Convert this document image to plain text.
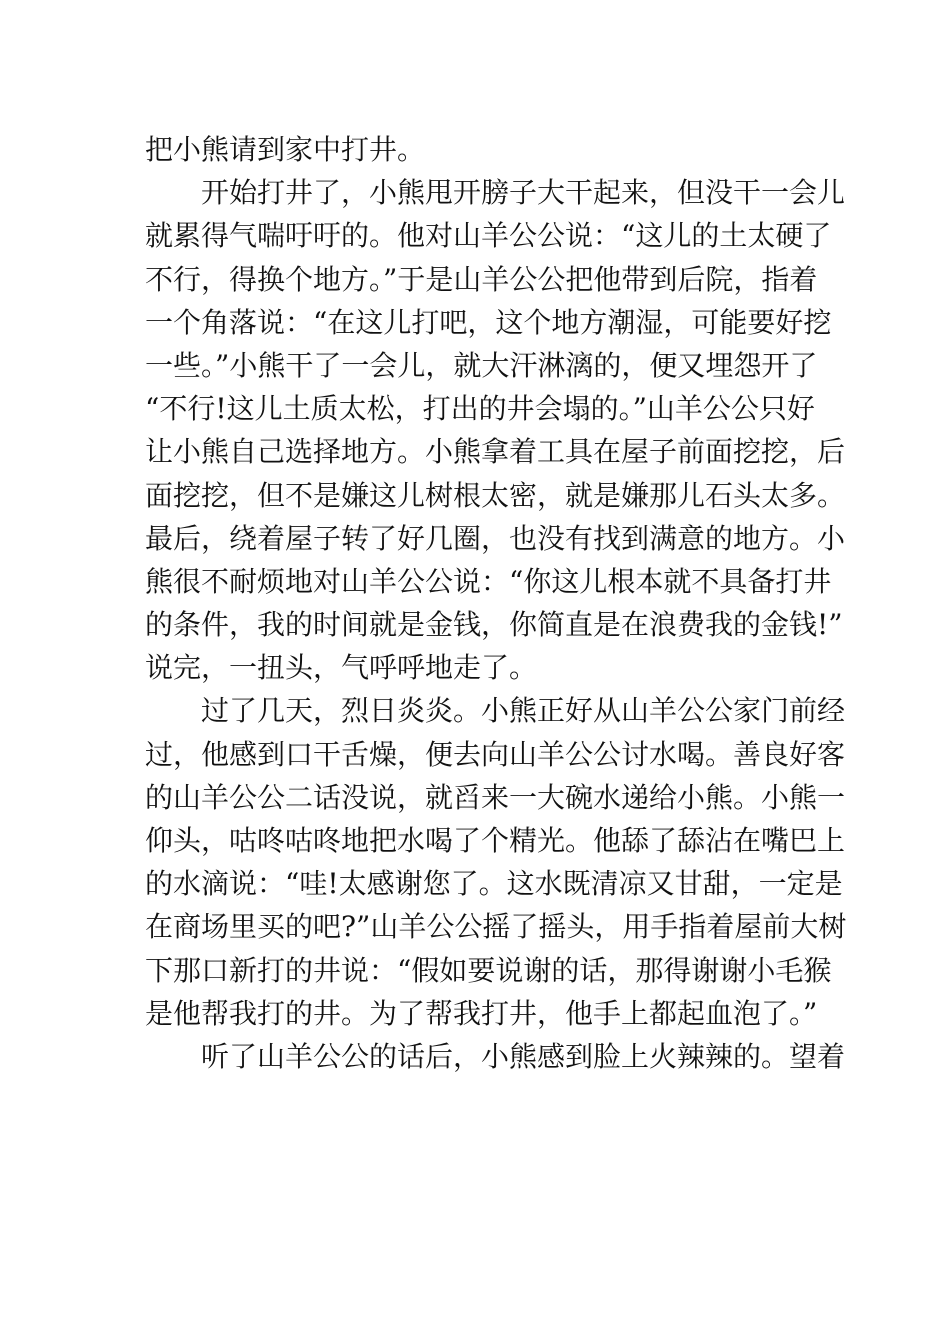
把小熊请到家中打井。
开始打井了，小熊甩开膀子大干起来，但没干一会儿
就累得气喘吁吁的。他对山羊公公说：“这儿的土太硬了
不行，得换个地方。”于是山羊公公把他带到后院，指着
一个角落说：“在这儿打吧，这个地方潮湿，可能要好挖
一些。”小熊干了一会儿，就大汗淋漓的，便又埋怨开了
“不行!这儿土质太松，打出的井会塌的。”山羊公公只好
让小熊自己选择地方。小熊拿着工具在屋子前面挖挖，后
面挖挖，但不是嫌这儿树根太密，就是嫌那儿石头太多。
最后，绕着屋子转了好几圈，也没有找到满意的地方。小
熊很不耐烦地对山羊公公说：“你这儿根本就不具备打井
的条件，我的时间就是金钱，你简直是在浪费我的金钱!”
说完，一扭头，气呼呼地走了。
过了几天，烈日炎炎。小熊正好从山羊公公家门前经
过，他感到口干舌燥，便去向山羊公公讨水喝。善良好客
的山羊公公二话没说，就舀来一大碗水递给小熊。小熊一
仰头，咕咚咕咚地把水喝了个精光。他舔了舔沾在嘴巴上
的水滴说：“哇!太感谢您了。这水既清凉又甘甜，一定是
在商场里买的吧?”山羊公公摇了摇头，用手指着屋前大树
下那口新打的井说：“假如要说谢的话，那得谢谢小毛猴
是他帮我打的井。为了帮我打井，他手上都起血泡了。”
听了山羊公公的话后，小熊感到脸上火辣辣的。望着
